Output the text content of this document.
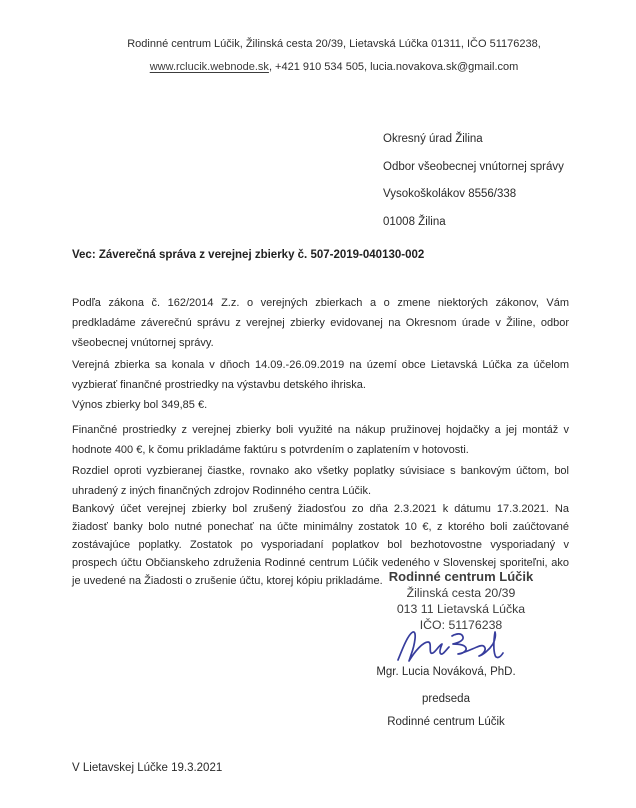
Rodinné centrum Lúčik, Žilinská cesta 20/39, Lietavská Lúčka 01311, IČO 51176238,
www.rclucik.webnode.sk, +421 910 534 505, lucia.novakova.sk@gmail.com
Okresný úrad Žilina
Odbor všeobecnej vnútornej správy
Vysokoškolákov 8556/338
01008 Žilina
Vec: Záverečná správa z verejnej zbierky č. 507-2019-040130-002

Podľa zákona č. 162/2014 Z.z. o verejných zbierkach a o zmene niektorých zákonov, Vám predkladáme záverečnú správu z verejnej zbierky evidovanej na Okresnom úrade v Žiline, odbor všeobecnej vnútornej správy.

Verejná zbierka sa konala v dňoch 14.09.-26.09.2019 na území obce Lietavská Lúčka za účelom vyzbierať finančné prostriedky na výstavbu detského ihriska.

Výnos zbierky bol 349,85 €.

Finančné prostriedky z verejnej zbierky boli využité na nákup pružinovej hojdačky a jej montáž v hodnote 400 €, k čomu prikladáme faktúru s potvrdením o zaplatením v hotovosti.

Rozdiel oproti vyzbieranej čiastke, rovnako ako všetky poplatky súvisiace s bankovým účtom, bol uhradený z iných finančných zdrojov Rodinného centra Lúčik.

Bankový účet verejnej zbierky bol zrušený žiadosťou zo dňa 2.3.2021 k dátumu 17.3.2021. Na žiadosť banky bolo nutné ponechať na účte minimálny zostatok 10 €, z ktorého boli zaúčtované zostávajúce poplatky. Zostatok po vysporiadaní poplatkov bol bezhotovostne vysporiadaný v prospech účtu Občianskeho združenia Rodinné centrum Lúčik vedeného v Slovenskej sporiteľni, ako je uvedené na Žiadosti o zrušenie účtu, ktorej kópiu prikladáme. Rodinné centrum Lúčik
Žilinská cesta 20/39
013 11 Lietavská Lúčka
IČO: 51176238
Mgr. Lucia Nováková, PhD.
predseda
Rodinné centrum Lúčik
V Lietavskej Lúčke 19.3.2021
